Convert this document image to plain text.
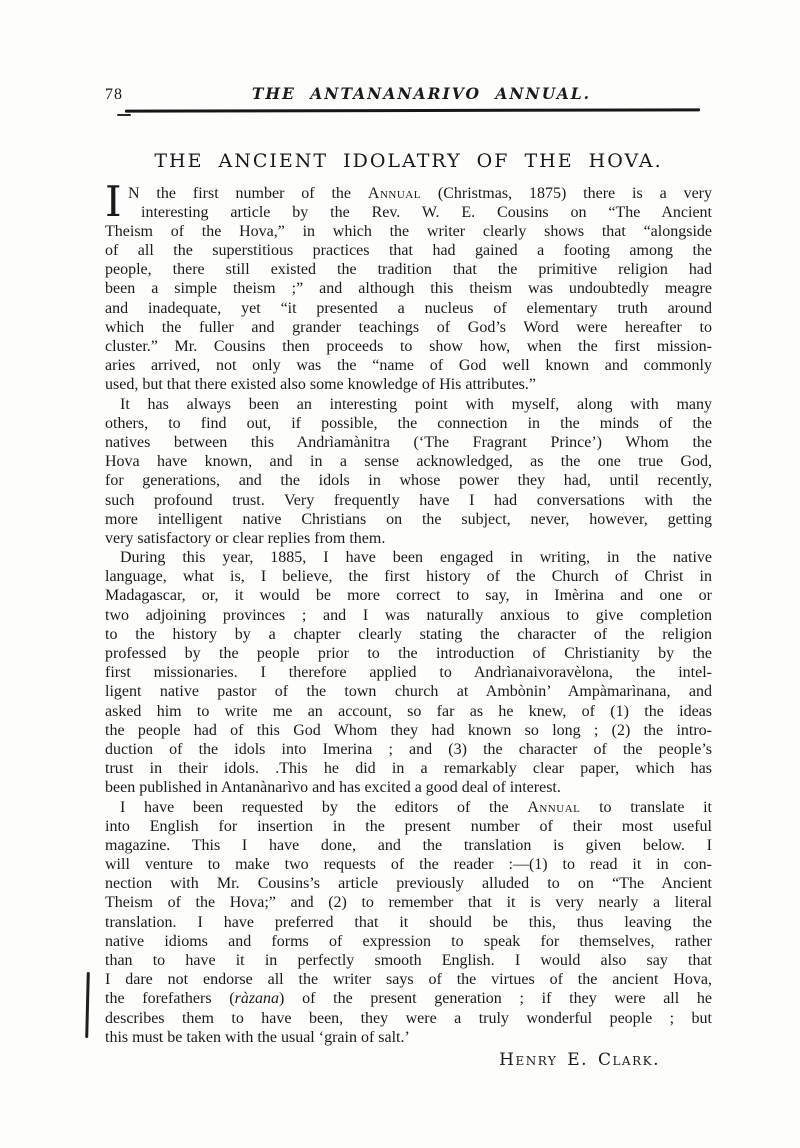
78	THE ANTANANARIVO ANNUAL.
THE ANCIENT IDOLATRY OF THE HOVA.
I N the first number of the Annual (Christmas, 1875) there is a very
interesting article by the Rev. W. E. Cousins on “The Ancient
Theism of the Hova,” in which the writer clearly shows that “alongside
of all the superstitious practices that had gained a footing among the
people, there still existed the tradition that the primitive religion had
been a simple theism ;” and although this theism was undoubtedly meagre
and inadequate, yet “it presented a nucleus of elementary truth around
which the fuller and grander teachings of God’s Word were hereafter to
cluster.” Mr. Cousins then proceeds to show how, when the first mission-
aries arrived, not only was the “name of God well known and commonly
used, but that there existed also some knowledge of His attributes.”
It has always been an interesting point with myself, along with many
others, to find out, if possible, the connection in the minds of the
natives between this Andrìamànitra (‘The Fragrant Prince’) Whom the
Hova have known, and in a sense acknowledged, as the one true God,
for generations, and the idols in whose power they had, until recently,
such profound trust. Very frequently have I had conversations with the
more intelligent native Christians on the subject, never, however, getting
very satisfactory or clear replies from them.
During this year, 1885, I have been engaged in writing, in the native
language, what is, I believe, the first history of the Church of Christ in
Madagascar, or, it would be more correct to say, in Imèrina and one or
two adjoining provinces ; and I was naturally anxious to give completion
to the history by a chapter clearly stating the character of the religion
professed by the people prior to the introduction of Christianity by the
first missionaries. I therefore applied to Andrìanaivoravèlona, the intel-
ligent native pastor of the town church at Ambònin’ Ampàmarìnana, and
asked him to write me an account, so far as he knew, of (1) the ideas
the people had of this God Whom they had known so long ; (2) the intro-
duction of the idols into Imerina ; and (3) the character of the people’s
trust in their idols. .This he did in a remarkably clear paper, which has
been published in Antanànarìvo and has excited a good deal of interest.
I have been requested by the editors of the Annual to translate it
into English for insertion in the present number of their most useful
magazine. This I have done, and the translation is given below. I
will venture to make two requests of the reader :—(1) to read it in con-
nection with Mr. Cousins’s article previously alluded to on “The Ancient
Theism of the Hova;” and (2) to remember that it is very nearly a literal
translation. I have preferred that it should be this, thus leaving the
native idioms and forms of expression to speak for themselves, rather
than to have it in perfectly smooth English. I would also say that
I dare not endorse all the writer says of the virtues of the ancient Hova,
the forefathers (ràzana) of the present generation ; if they were all he
describes them to have been, they were a truly wonderful people ; but
this must be taken with the usual ‘grain of salt.’
Henry E. Clark.
